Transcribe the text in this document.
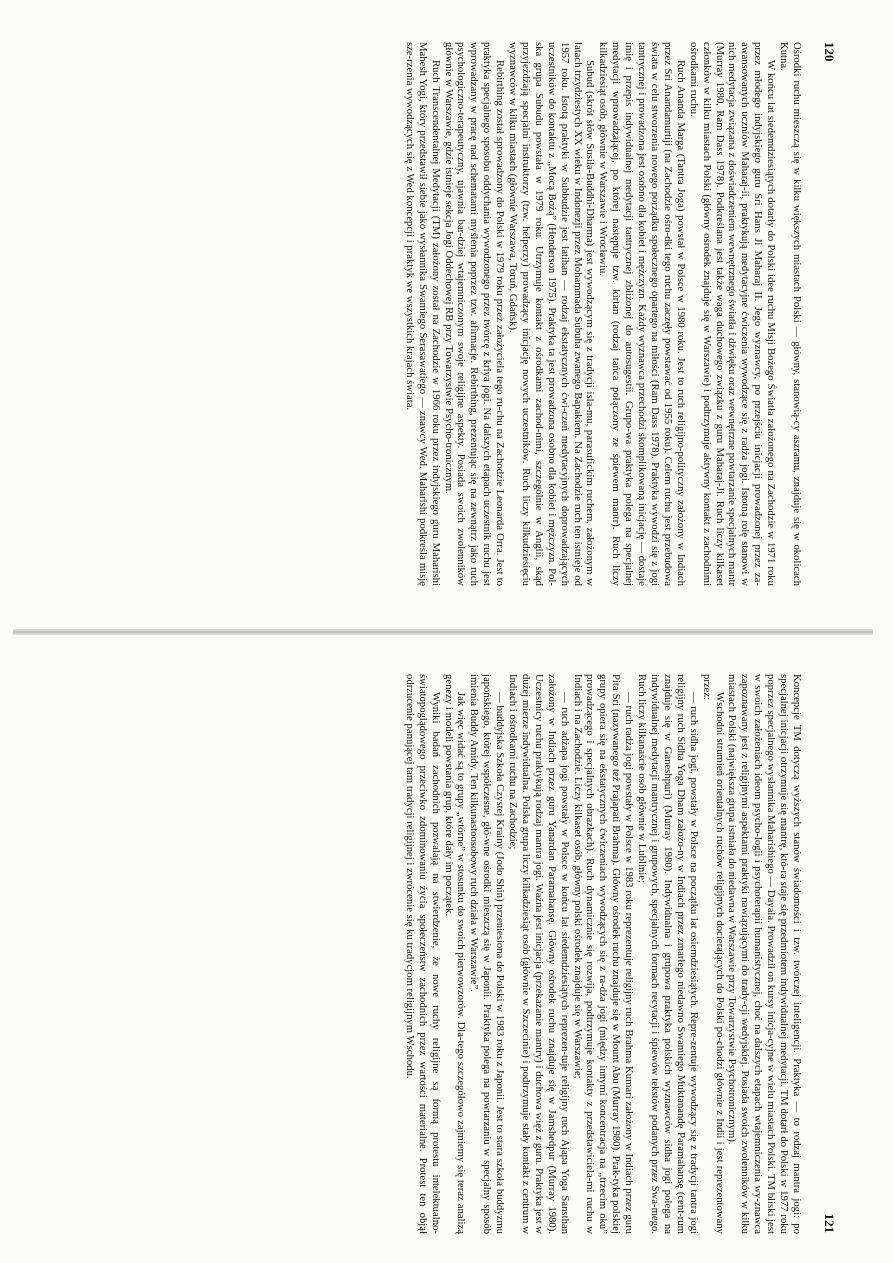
120

Ośrodki ruchu mieszczą się w kilku większych miastach Polski — główny, stanowią-cy aszramu, znajduje się w okolicach Kutna.

W końcu lat siedemdziesiątych dotarły do Polski idee ruchu Misji Bożego Światła założonego na Zachodzie w 1971 roku przez młodego indyjskiego guru Sri Hans Ji Maharaj II. Jego wyznawcy, po przejściu inicjacji prowadzonej przez za-awansowanych uczniów Maharaj-ii, praktykują medytacyjne ćwiczenia wywodzące się z radża jogi. Istotną rolę stanowi w nich medytacja związana z doświadczeniem wewnętrznego światła i dźwięku oraz wewnętrzne powtarzanie specjalnych mantr (Murray 1980, Ram Dass 1978). Podkreślana jest także waga duchowego związku z guru Maharaj-Ji. Ruch liczy kilkaset członków w kilku miastach Polski (główny ośrodek znajduje się w Warszawie) i podtrzymuje aktywny kontakt z zachodnimi ośrodkami ruchu.

Ruch Ananda Marga (Tantra Joga) powstał w Polsce w 1980 roku. Jest to ruch religijno-polityczny założony w Indiach przez Sri Anandamurtiji (na Zachodzie ośro-dki tego ruchu zaczęły powstawać od 1955 roku). Celem ruchu jest przebudowa świata w celu stworzenia nowego porządku społecznego opartego na miłości (Ram Dass 1978). Praktyka wywodzi się z jogi tantrycznej i prowadzona jest osobno dla kobiet i mężczyzn. Każdy wyznawca przechodzi skomplikowaną inicjację — dostaje imię i przepis indywidualnej medytacji tantrycznej zbliżonej do autosugestii. Grupo-wa praktyka polega na specjalnej medytacji wprowadzającej, po której następuje tzw. kirtan (rodzaj tańca połączony ze śpiewem mantr). Ruch liczy kilkadziesiąt osób, głównie w Warszawie i Wrocławiu.

Subud (skrót słów Susila-Buddhi-Dharma) jest wywodzącym się z tradycji isla-mu, parasufickim ruchem, założonym w latach trzydziestych XX wieku w Indonezji przez Mohammada Subuha zwanego Bapakiem. Na Zachodzie ruch ten istnieje od 1957 roku. Istotą praktyki w Subbudzie jest latihan — rodzaj ekstatycznych ćwi-czeń medytacyjnych doprowadzających uczestników do kontaktu z „Mocą Bożą” (Henderson 1975). Praktyka ta jest prowadzona osobno dla kobiet i mężczyzn. Pol-ska grupa Subudu powstała w 1979 roku. Utrzymuje kontakt z ośrodkami zachod-nimi, szczególnie w Anglii, skąd przyjeżdżają specjalni instruktorzy (tzw. helperzy) prowadzący inicjację nowych uczestników. Ruch liczy kilkudziesięciu wyznawców w kilku miastach (głównie Warszawa, Toruń, Gdańsk).

Rebirthing został sprowadzony do Polski w 1979 roku przez założyciela tego ru-chu na Zachodzie Leonarda Orra. Jest to praktyka specjalnego sposobu oddychania wywodzonego przez twórcę z kriya jogi. Na dalszych etapach uczestnik ruchu jest wprowadzany w pracę nad schematami myślenia poprzez tzw. afirmacje. Rebirthing, prezentując się na zewnątrz jako ruch psychologiczno-terapeutyczny, ujawnia bar-dziej wtajemniczonym swoje religijne aspekty. Posiada swoich zwolenników głównie w Warszawie, gdzie istnieje sekcja Jogi Oddechowej RB przy Towarzystwie Psycho-tronicznym.

Ruch Transcendentalnej Medytacji (TM) założony został na Zachodzie w 1966 roku przez indyjskiego guru Maharishi Mahesh Yogi, który przedstawił siebie jako wysłannika Swamiego Serasawatiego — znawcy Wed. Maharishi podkreśla misję sze-rzenia wywodzących się z Wed koncepcji i praktyk we wszystkich krajach świata.

121

Koncepcje TM dotyczą wyższych stanów świadomości i tzw. twórczej inteligencji. Praktyka — to rodzaj mantra jogi: po specjalnej inicjacji otrzymuje się mantrę, któ-ra staje się przedmiotem indywidualnej medytacji. TM dotarł do Polski w 1977 roku poprzez specjalnego wysłannika Maharishiego — Dayala. Prowadził on kursy inicja-cyjne w wielu miastach Polski. TM bliski jest w swoich założeniach ideom psycho-logii i psychoterapii humanistycznej, choć na dalszych etapach wtajemniczenia wy-znawca zapoznawany jest z religijnymi aspektami praktyki nawiązującymi do trady-cji wedyjskiej. Posiada swoich zwolenników w kilku miastach Polski (największa grupa istniała do niedawna w Warszawie przy Towarzystwie Psychotronicznym).

Wschodni strumień orientalnych ruchów religijnych docierających do Polski po-chodzi głównie z Indii i jest reprezentowany przez:

— ruch sidha jogi, powstały w Polsce na początku lat osiemdziesiątych. Repre-zentuje wywodzący się z tradycji tantra jogi religijny ruch Sidha Yoga Dham założo-ny w Indiach przez zmarłego niedawno Swamiego Muktanandę Paramahansę (cent-rum znajduje się w Ganeshpuri) (Murray 1980). Indywidualna i grupowa praktyka polskich wyznawców sidha jogi polega na indywidualnej medytacji mantrycznej i grupowych, specjalnych formach recytacji i śpiewów tekstów podanych przez Swa-mego. Ruch liczy kilkanaście osób głównie w Lublinie;

— ruch radża jogi powstały w Polsce w 1983 roku reprezentuje religijny ruch Brahma Kumari założony w Indiach przez guru Pita Sri (nazywanego też Prajapati Brahma). Główny ośrodek ruchu znajduje się w Mount Abu (Murray 1980). Prak-tyka polskiej grupy opiera się na ekstatycznych ćwiczeniach wywodzących się z ra-dża jogi (między innymi koncentracja na „trzecim oku” prowadzącego i specjalnych obrazkach). Ruch dynamicznie się rozwija, podtrzymuje kontakty z przedstawiciela-mi ruchu w Indiach i na Zachodzie. Liczy kilkaset osób, główny polski ośrodek znajduje się w Warszawie;

— ruch adżapa jogi powstały w Polsce w końcu lat siedemdziesiątych reprezen-tuje religijny ruch Ajapa Yoga Sansthan założony w Indiach przez guru Yanardan Paramahansę. Główny ośrodek ruchu znajduje się w Jamshedpur (Murray 1980). Uczestnicy ruchu praktykują rodzaj mantra jogi. Ważna jest inicjacja (przekazanie mantry) i duchowa więź z guru. Praktyka jest w dużej mierze indywidualna. Polska grupa liczy kilkadziesiąt osób (głównie w Szczecinie) i podtrzymuje stały kontakt z centrum w Indiach i ośrodkami ruchu na Zachodzie;

— buddyjska Szkoła Czystej Krainy (Jodo Shin) przeniesiona do Polski w 1983 roku z Japonii. Jest to stara szkoła buddyzmu japońskiego, której współczesne, głó-wne ośrodki mieszczą się w Japonii. Praktyka polega na powtarzaniu w specjalny sposób imienia Buddy Amidy. Ten kilkunastoosobowy ruch działa w Warszawie”.

Jak więc widać są to grupy „wtórne” w stosunku do swoich pierwowzorów. Dla-tego szczegółowo zajmiemy się teraz analizą genezy i modeli powstania grup, które dały im początek.

Wyniki badań zachodnich pozwalają na stwierdzenie, że nowe ruchy religijne są formą protestu intelektualno-światopoglądowego przeciwko zdominowaniu życia społeczeństw zachodnich przez wartości materialne. Protest ten objął odrzucenie panującej tam tradycji religijnej i zwrócenie się ku tradycjom religijnym Wschodu.
